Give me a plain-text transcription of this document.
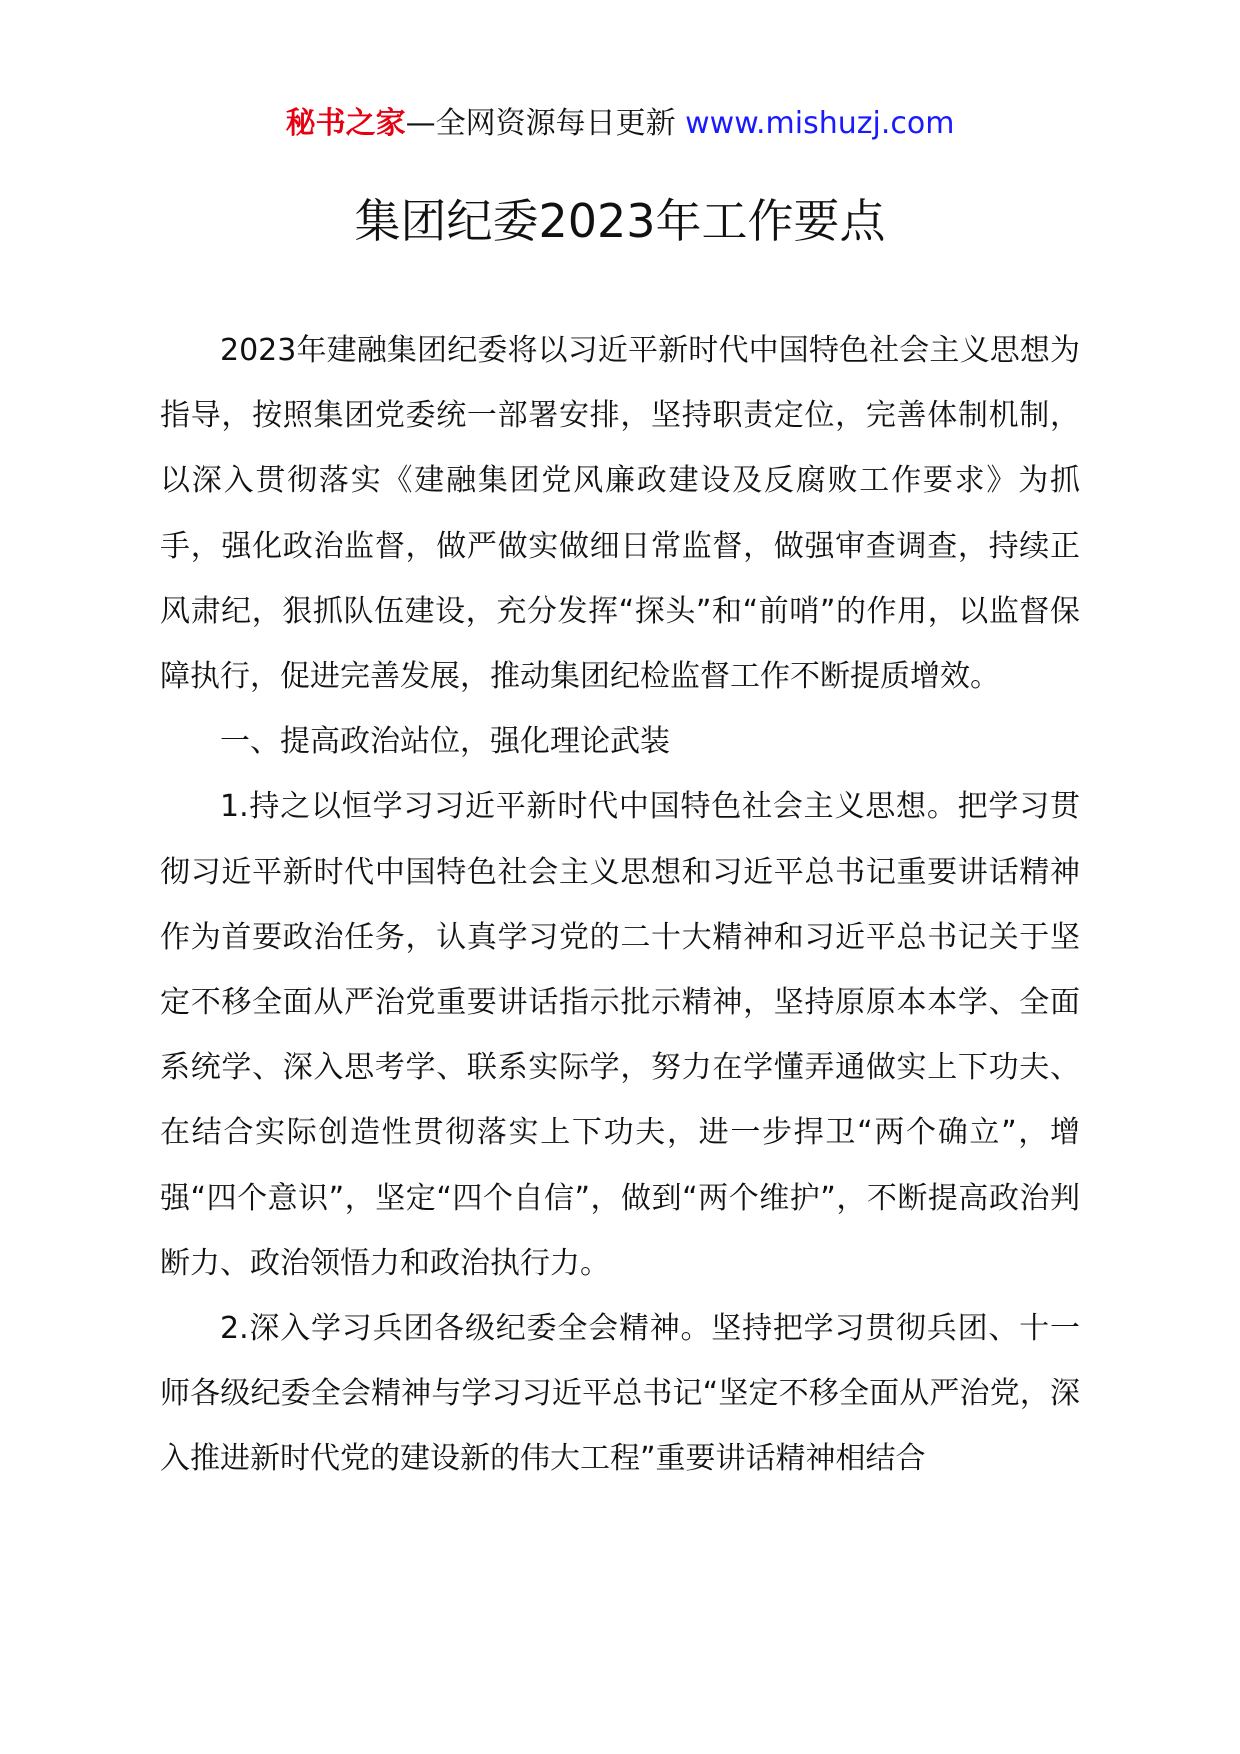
秘书之家—全网资源每日更新 www.mishuzj.com
集团纪委2023年工作要点

2023年建融集团纪委将以习近平新时代中国特色社会主义思想为指导，按照集团党委统一部署安排，坚持职责定位，完善体制机制，以深入贯彻落实《建融集团党风廉政建设及反腐败工作要求》为抓手，强化政治监督，做严做实做细日常监督，做强审查调查，持续正风肃纪，狠抓队伍建设，充分发挥“探头”和“前哨”的作用，以监督保障执行，促进完善发展，推动集团纪检监督工作不断提质增效。

一、提高政治站位，强化理论武装

1.持之以恒学习习近平新时代中国特色社会主义思想。把学习贯彻习近平新时代中国特色社会主义思想和习近平总书记重要讲话精神作为首要政治任务，认真学习党的二十大精神和习近平总书记关于坚定不移全面从严治党重要讲话指示批示精神，坚持原原本本学、全面系统学、深入思考学、联系实际学，努力在学懂弄通做实上下功夫、在结合实际创造性贯彻落实上下功夫，进一步捍卫“两个确立”，增强“四个意识”，坚定“四个自信”，做到“两个维护”，不断提高政治判断力、政治领悟力和政治执行力。

2.深入学习兵团各级纪委全会精神。坚持把学习贯彻兵团、十一师各级纪委全会精神与学习习近平总书记“坚定不移全面从严治党，深入推进新时代党的建设新的伟大工程”重要讲话精神相结合
